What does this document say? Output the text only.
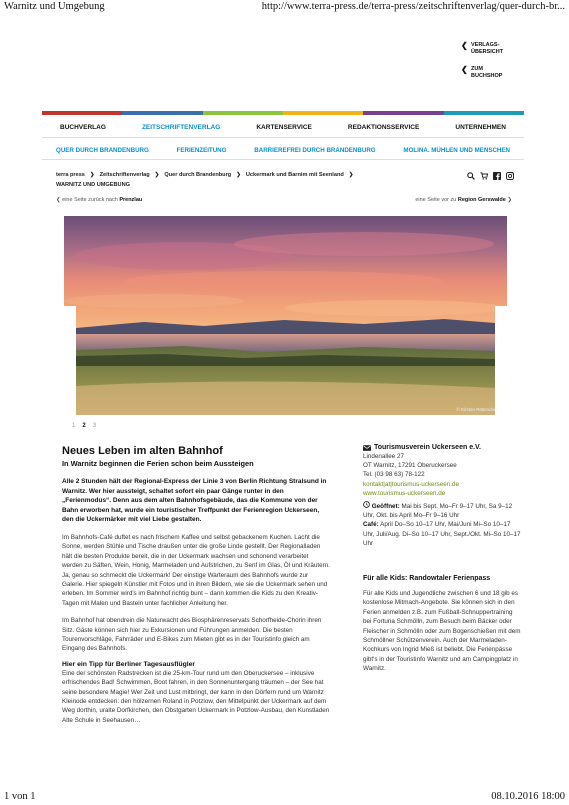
Warnitz und Umgebung	http://www.terra-press.de/terra-press/zeitschriftenverlag/quer-durch-br...
❮ VERLAGS-
ÜBERSICHT
❮ ZUM
BUCHSHOP
BUCHVERLAG	ZEITSCHRIFTENVERLAG	KARTENSERVICE	REDAKTIONSSERVICE	UNTERNEHMEN
QUER DURCH BRANDENBURG	FERIENZEITUNG	BARRIEREFREI DURCH BRANDENBURG	MOLINA. MÜHLEN UND MENSCHEN
terra press ❯ Zeitschriftenverlag ❯ Quer durch Brandenburg ❯ Uckermark und Barnim mit Seenland ❯
WARNITZ UND UMGEBUNG
❮ eine Seite zurück nach Prenzlau	eine Seite vor zu Region Gerswalde ❯
© Kirsten Rittersdorf
1 2 3
Neues Leben im alten Bahnhof
In Warnitz beginnen die Ferien schon beim Aussteigen

Alle 2 Stunden hält der Regional-Express der Linie 3 von Berlin Richtung Stralsund in Warnitz. Wer hier aussteigt, schaltet sofort ein paar Gänge runter in den „Ferienmodus“. Denn aus dem alten Bahnhofsgebäude, das die Kommune von der Bahn erworben hat, wurde ein touristischer Treffpunkt der Ferienregion Uckerseen, den die Uckermärker mit viel Liebe gestalten.

Im Bahnhofs-Café duftet es nach frischem Kaffee und selbst gebackenem Kuchen. Lacht die Sonne, werden Stühle und Tische draußen unter die große Linde gestellt. Der Regionalladen hält die besten Produkte bereit, die in der Uckermark wachsen und schonend verarbeitet werden zu Säften, Wein, Honig, Marmeladen und Aufstrichen, zu Senf im Glas, Öl und Kräutern. Ja, genau so schmeckt die Uckermark! Der einstige Warteraum des Bahnhofs wurde zur Galerie. Hier spiegeln Künstler mit Fotos und in ihren Bildern, wie sie die Uckermark sehen und erleben. Im Sommer wird's im Bahnhof richtig bunt – dann kommen die Kids zu den Kreativ-Tagen mit Malen und Basteln unter fachlicher Anleitung her.

Im Bahnhof hat obendrein die Naturwacht des Biosphärenreservats Schorfheide-Chorin ihren Sitz. Gäste können sich hier zu Exkursionen und Führungen anmelden. Die besten Tourenvorschläge, Fahrräder und E-Bikes zum Mieten gibt es in der Touristinfo gleich am Eingang des Bahnhofs.

Hier ein Tipp für Berliner Tagesausflügler

Eine der schönsten Radstrecken ist die 25-km-Tour rund um den Oberuckersee – inklusive erfrischendes Bad! Schwimmen, Boot fahren, in den Sonnenuntergang träumen – der See hat seine besondere Magie! Wer Zeit und Lust mitbringt, der kann in den Dörfern rund um Warnitz Kleinode entdecken: den hölzernen Roland in Potzlow, den Mittelpunkt der Uckermark auf dem Weg dorthin, uralte Dorfkirchen, den Obstgarten Uckermark in Potzlow-Ausbau, den Kunstladen Alte Schule in Seehausen…

Tourismusverein Uckerseen e.V.
Lindenallee 27
OT Warnitz, 17291 Oberuckersee
Tel. (03 98 63) 78-122
kontakt|at|tourismus-uckerseen.de
www.tourismus-uckerseen.de
Geöffnet: Mai bis Sept. Mo–Fr 9–17 Uhr, Sa 9–12 Uhr, Okt. bis April Mo–Fr 9–16 Uhr
Café: April Do–So 10–17 Uhr, Mai/Juni Mi–So 10–17 Uhr, Juli/Aug. Di–So 10–17 Uhr, Sept./Okt. Mi–So 10–17 Uhr
Für alle Kids: Randowtaler Ferienpass

Für alle Kids und Jugendliche zwischen 6 und 18 gib es kostenlose Mitmach-Angebote. Sie können sich in den Ferien anmelden z.B. zum Fußball-Schnuppertraining bei Fortuna Schmölln, zum Besuch beim Bäcker oder Fleischer in Schmölln oder zum Bogenschießen mit dem Schmöllner Schützenverein. Auch der Marmeladen-Kochkurs von Ingrid Mieß ist beliebt. Die Ferienpässe gibt's in der Touristinfo Warnitz und am Campingplatz in Warnitz.

1 von 1	08.10.2016 18:00
